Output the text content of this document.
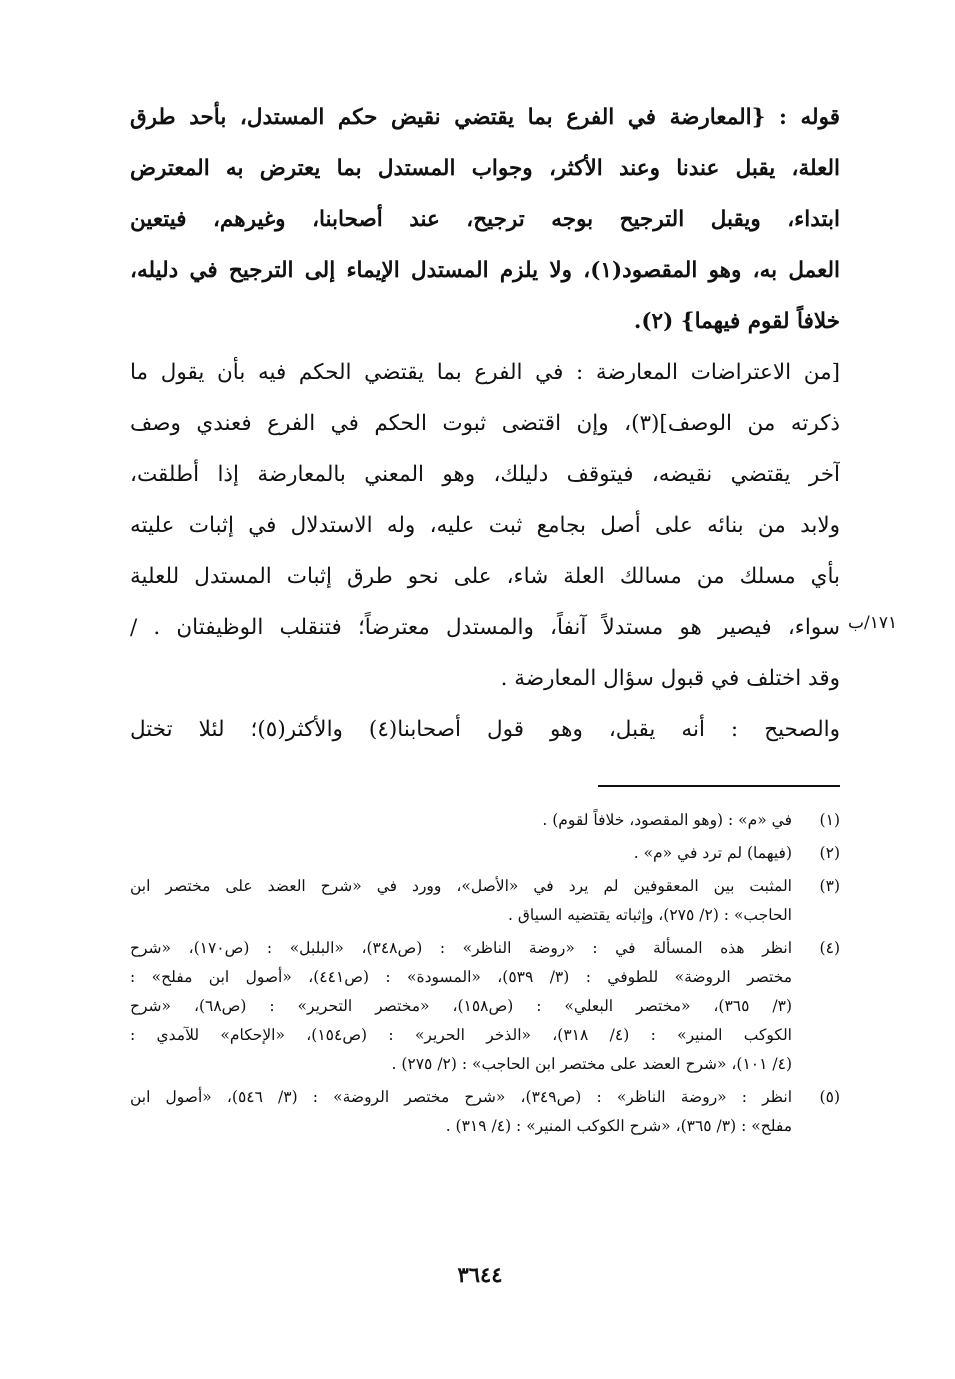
قوله : {المعارضة في الفرع بما يقتضي نقيض حكم المستدل، بأحد طرق
العلة، يقبل عندنا وعند الأكثر، وجواب المستدل بما يعترض به المعترض
ابتداء، ويقبل الترجيح بوجه ترجيح، عند أصحابنا، وغيرهم، فيتعين
العمل به، وهو المقصود(١)، ولا يلزم المستدل الإيماء إلى الترجيح في دليله،
خلافاً لقوم فيهما} (٢).
[من الاعتراضات المعارضة : في الفرع بما يقتضي الحكم فيه بأن يقول ما
ذكرته من الوصف](٣)، وإن اقتضى ثبوت الحكم في الفرع فعندي وصف
آخر يقتضي نقيضه، فيتوقف دليلك، وهو المعني بالمعارضة إذا أطلقت،
ولابد من بنائه على أصل بجامع ثبت عليه، وله الاستدلال في إثبات عليته
بأي مسلك من مسالك العلة شاء، على نحو طرق إثبات المستدل للعلية
سواء، فيصير هو مستدلاً آنفاً، والمستدل معترضاً؛ فتنقلب الوظيفتان . /
وقد اختلف في قبول سؤال المعارضة .
والصحيح : أنه يقبل، وهو قول أصحابنا(٤) والأكثر(٥)؛ لئلا تختل
١٧١/ب
(١)
في «م» : (وهو المقصود، خلافاً لقوم) .
(٢)
(فيهما) لم ترد في «م» .
(٣)
المثبت بين المعقوفين لم يرد في «الأصل»، وورد في «شرح العضد على مختصر ابن
الحاجب» : (٢/ ٢٧٥)، وإثباته يقتضيه السياق .
(٤)
انظر هذه المسألة في : «روضة الناظر» : (ص٣٤٨)، «البلبل» : (ص١٧٠)، «شرح
مختصر الروضة» للطوفي : (٣/ ٥٣٩)، «المسودة» : (ص٤٤١)، «أصول ابن مفلح» :
(٣/ ٣٦٥)، «مختصر البعلي» : (ص١٥٨)، «مختصر التحرير» : (ص٦٨)، «شرح
الكوكب المنير» : (٤/ ٣١٨)، «الذخر الحرير» : (ص١٥٤)، «الإحكام» للآمدي :
(٤/ ١٠١)، «شرح العضد على مختصر ابن الحاجب» : (٢/ ٢٧٥) .
(٥)
انظر : «روضة الناظر» : (ص٣٤٩)، «شرح مختصر الروضة» : (٣/ ٥٤٦)، «أصول ابن
مفلح» : (٣/ ٣٦٥)، «شرح الكوكب المنير» : (٤/ ٣١٩) .
٣٦٤٤
